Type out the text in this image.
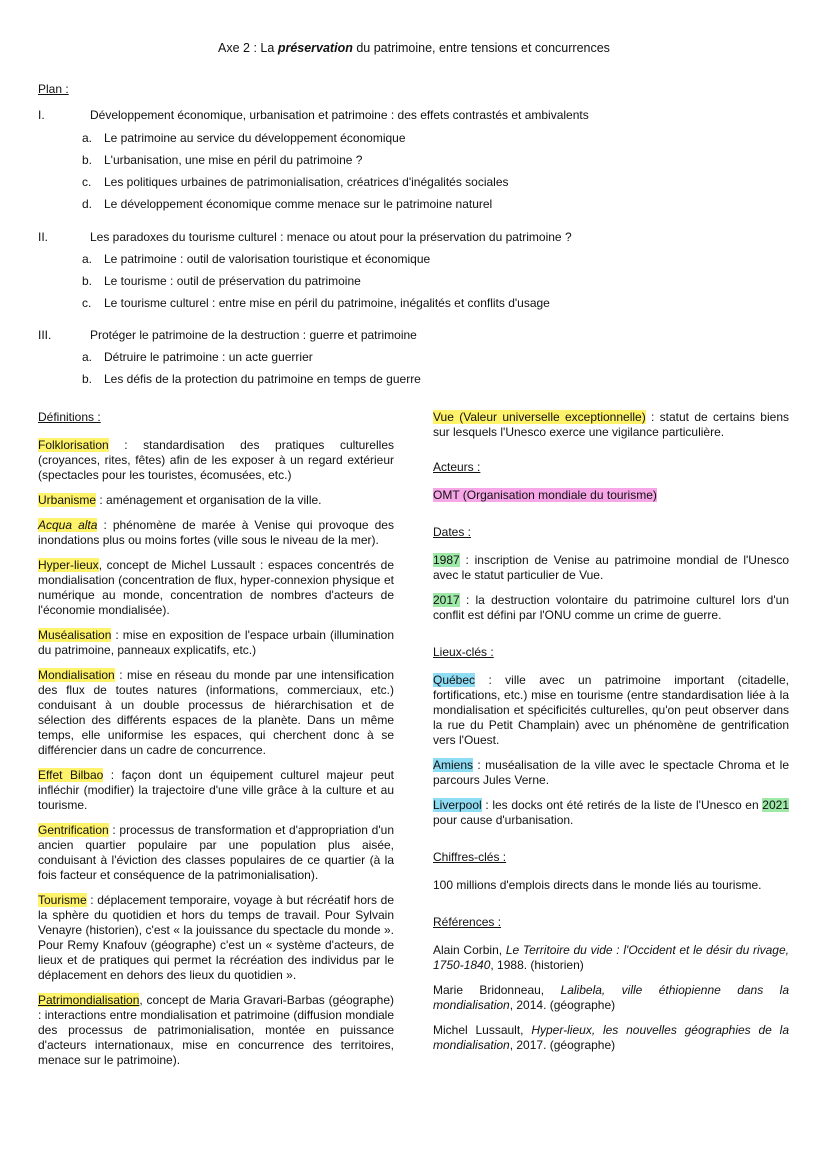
Axe 2 : La préservation du patrimoine, entre tensions et concurrences
Plan :
I.	Développement économique, urbanisation et patrimoine : des effets contrastés et ambivalents
a. Le patrimoine au service du développement économique
b. L'urbanisation, une mise en péril du patrimoine ?
c. Les politiques urbaines de patrimonialisation, créatrices d'inégalités sociales
d. Le développement économique comme menace sur le patrimoine naturel
II.	Les paradoxes du tourisme culturel : menace ou atout pour la préservation du patrimoine ?
a. Le patrimoine : outil de valorisation touristique et économique
b. Le tourisme : outil de préservation du patrimoine
c. Le tourisme culturel : entre mise en péril du patrimoine, inégalités et conflits d'usage
III.	Protéger le patrimoine de la destruction : guerre et patrimoine
a. Détruire le patrimoine : un acte guerrier
b. Les défis de la protection du patrimoine en temps de guerre
Définitions :
Folklorisation : standardisation des pratiques culturelles (croyances, rites, fêtes) afin de les exposer à un regard extérieur (spectacles pour les touristes, écomusées, etc.)
Urbanisme : aménagement et organisation de la ville.
Acqua alta : phénomène de marée à Venise qui provoque des inondations plus ou moins fortes (ville sous le niveau de la mer).
Hyper-lieux, concept de Michel Lussault : espaces concentrés de mondialisation (concentration de flux, hyper-connexion physique et numérique au monde, concentration de nombres d'acteurs de l'économie mondialisée).
Muséalisation : mise en exposition de l'espace urbain (illumination du patrimoine, panneaux explicatifs, etc.)
Mondialisation : mise en réseau du monde par une intensification des flux de toutes natures (informations, commerciaux, etc.) conduisant à un double processus de hiérarchisation et de sélection des différents espaces de la planète. Dans un même temps, elle uniformise les espaces, qui cherchent donc à se différencier dans un cadre de concurrence.
Effet Bilbao : façon dont un équipement culturel majeur peut infléchir (modifier) la trajectoire d'une ville grâce à la culture et au tourisme.
Gentrification : processus de transformation et d'appropriation d'un ancien quartier populaire par une population plus aisée, conduisant à l'éviction des classes populaires de ce quartier (à la fois facteur et conséquence de la patrimonialisation).
Tourisme : déplacement temporaire, voyage à but récréatif hors de la sphère du quotidien et hors du temps de travail. Pour Sylvain Venayre (historien), c'est « la jouissance du spectacle du monde ». Pour Remy Knafouv (géographe) c'est un « système d'acteurs, de lieux et de pratiques qui permet la récréation des individus par le déplacement en dehors des lieux du quotidien ».
Patrimondialisation, concept de Maria Gravari-Barbas (géographe) : interactions entre mondialisation et patrimoine (diffusion mondiale des processus de patrimonialisation, montée en puissance d'acteurs internationaux, mise en concurrence des territoires, menace sur le patrimoine).
Vue (Valeur universelle exceptionnelle) : statut de certains biens sur lesquels l'Unesco exerce une vigilance particulière.
Acteurs :
OMT (Organisation mondiale du tourisme)
Dates :
1987 : inscription de Venise au patrimoine mondial de l'Unesco avec le statut particulier de Vue.
2017 : la destruction volontaire du patrimoine culturel lors d'un conflit est défini par l'ONU comme un crime de guerre.
Lieux-clés :
Québec : ville avec un patrimoine important (citadelle, fortifications, etc.) mise en tourisme (entre standardisation liée à la mondialisation et spécificités culturelles, qu'on peut observer dans la rue du Petit Champlain) avec un phénomène de gentrification vers l'Ouest.
Amiens : muséalisation de la ville avec le spectacle Chroma et le parcours Jules Verne.
Liverpool : les docks ont été retirés de la liste de l'Unesco en 2021 pour cause d'urbanisation.
Chiffres-clés :
100 millions d'emplois directs dans le monde liés au tourisme.
Références :
Alain Corbin, Le Territoire du vide : l'Occident et le désir du rivage, 1750-1840, 1988. (historien)
Marie Bridonneau, Lalibela, ville éthiopienne dans la mondialisation, 2014. (géographe)
Michel Lussault, Hyper-lieux, les nouvelles géographies de la mondialisation, 2017. (géographe)
